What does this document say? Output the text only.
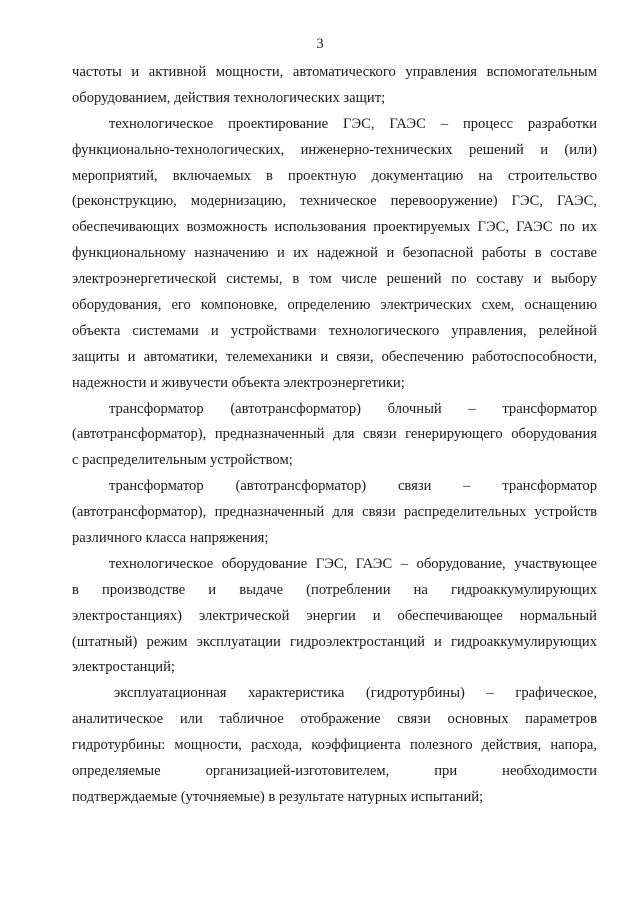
3
частоты и активной мощности, автоматического управления вспомогательным
оборудованием, действия технологических защит;
технологическое проектирование ГЭС, ГАЭС – процесс разработки
функционально-технологических, инженерно-технических решений и (или)
мероприятий, включаемых в проектную документацию на строительство
(реконструкцию, модернизацию, техническое перевооружение) ГЭС, ГАЭС,
обеспечивающих возможность использования проектируемых ГЭС, ГАЭС по их
функциональному назначению и их надежной и безопасной работы в составе
электроэнергетической системы, в том числе решений по составу и выбору
оборудования, его компоновке, определению электрических схем, оснащению
объекта системами и устройствами технологического управления, релейной
защиты и автоматики, телемеханики и связи, обеспечению работоспособности,
надежности и живучести объекта электроэнергетики;
трансформатор (автотрансформатор) блочный – трансформатор
(автотрансформатор), предназначенный для связи генерирующего оборудования
с распределительным устройством;
трансформатор (автотрансформатор) связи – трансформатор
(автотрансформатор), предназначенный для связи распределительных устройств
различного класса напряжения;
технологическое оборудование ГЭС, ГАЭС – оборудование, участвующее
в производстве и выдаче (потреблении на гидроаккумулирующих
электростанциях) электрической энергии и обеспечивающее нормальный
(штатный) режим эксплуатации гидроэлектростанций и гидроаккумулирующих
электростанций;
эксплуатационная характеристика (гидротурбины) – графическое,
аналитическое или табличное отображение связи основных параметров
гидротурбины: мощности, расхода, коэффициента полезного действия, напора,
определяемые организацией-изготовителем, при необходимости
подтверждаемые (уточняемые) в результате натурных испытаний;
